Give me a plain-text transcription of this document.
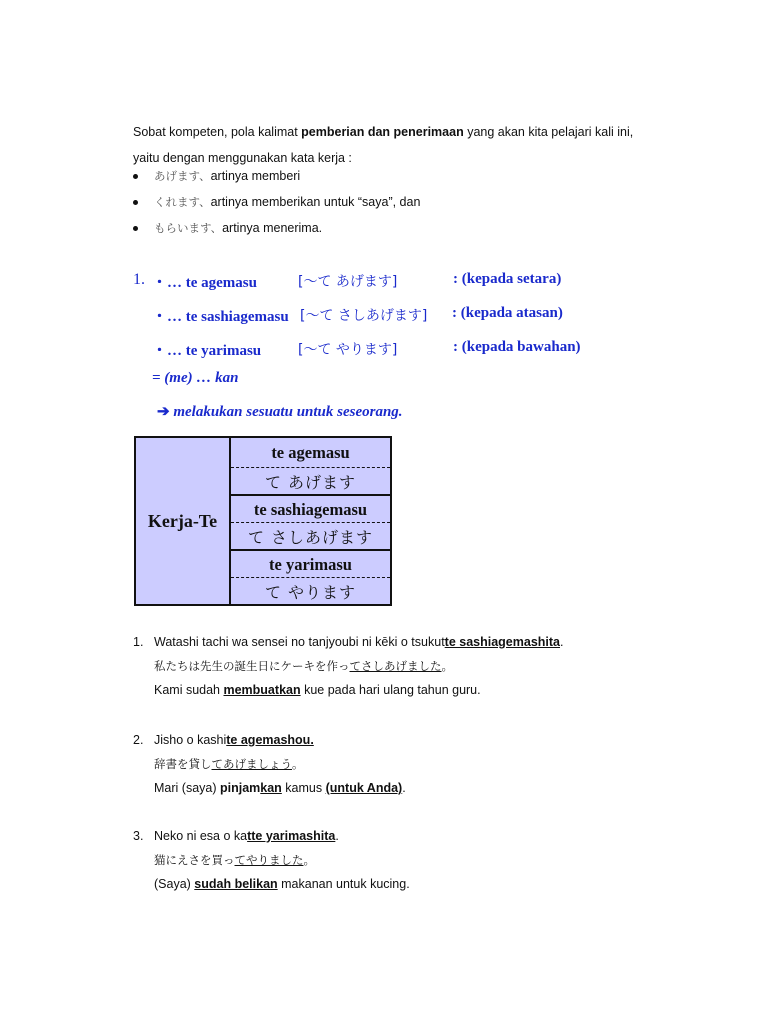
Sobat kompeten, pola kalimat pemberian dan penerimaan yang akan kita pelajari kali ini,

yaitu dengan menggunakan kata kerja :

あげます、artinya memberi
くれます、artinya memberikan untuk “saya”, dan
もらいます、artinya menerima.
1. ・… te agemasu	[〜て あげます]	: (kepada setara)
・… te sashiagemasu [〜て さしあげます] : (kepada atasan)
・… te yarimasu	[〜て やります]	: (kepada bawahan)
= (me) … kan
➔ melakukan sesuatu untuk seseorang.
Kerja-Te
te agemasu
て あげます
te sashiagemasu
て さしあげます
te yarimasu
て やります
1. Watashi tachi wa sensei no tanjyoubi ni kēki o tsukutte sashiagemashita.
私たちは先生の誕生日にケーキを作ってさしあげました。
Kami sudah membuatkan kue pada hari ulang tahun guru.
2. Jisho o kashite agemashou.
辞書を貸してあげましょう。
Mari (saya) pinjamkan kamus (untuk Anda).
3. Neko ni esa o katte yarimashita.
猫にえさを買ってやりました。
(Saya) sudah belikan makanan untuk kucing.
